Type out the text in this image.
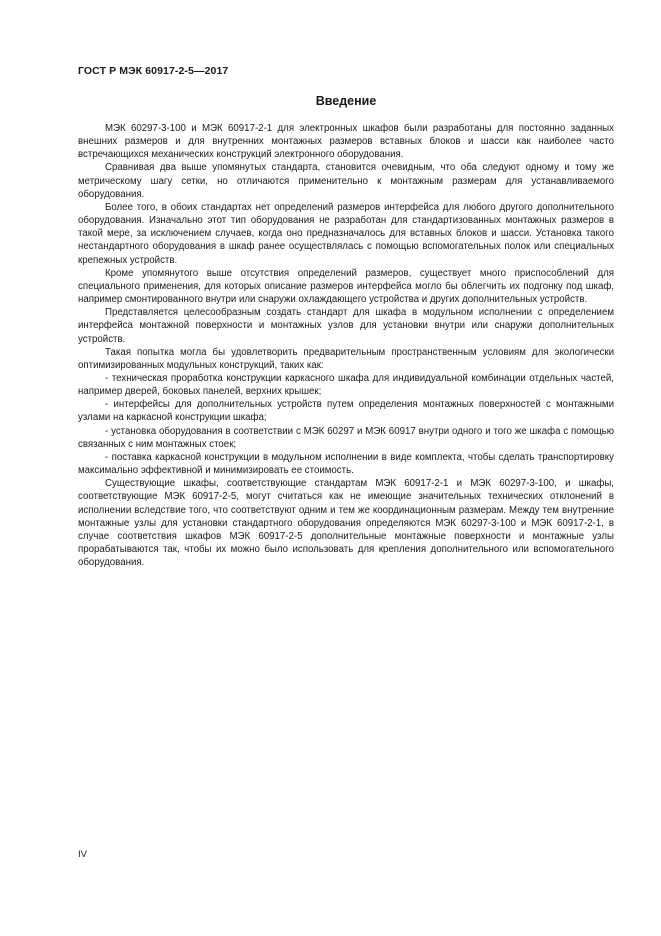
ГОСТ Р МЭК 60917-2-5—2017
Введение

МЭК 60297-3-100 и МЭК 60917-2-1 для электронных шкафов были разработаны для постоянно заданных внешних размеров и для внутренних монтажных размеров вставных блоков и шасси как наиболее часто встречающихся механических конструкций электронного оборудования.

Сравнивая два выше упомянутых стандарта, становится очевидным, что оба следуют одному и тому же метрическому шагу сетки, но отличаются применительно к монтажным размерам для устанавливаемого оборудования.

Более того, в обоих стандартах нет определений размеров интерфейса для любого другого дополнительного оборудования. Изначально этот тип оборудования не разработан для стандартизованных монтажных размеров в такой мере, за исключением случаев, когда оно предназначалось для вставных блоков и шасси. Установка такого нестандартного оборудования в шкаф ранее осуществлялась с помощью вспомогательных полок или специальных крепежных устройств.

Кроме упомянутого выше отсутствия определений размеров, существует много приспособлений для специального применения, для которых описание размеров интерфейса могло бы облегчить их подгонку под шкаф, например смонтированного внутри или снаружи охлаждающего устройства и других дополнительных устройств.

Представляется целесообразным создать стандарт для шкафа в модульном исполнении с определением интерфейса монтажной поверхности и монтажных узлов для установки внутри или снаружи дополнительных устройств.

Такая попытка могла бы удовлетворить предварительным пространственным условиям для экологически оптимизированных модульных конструкций, таких как:

- техническая проработка конструкции каркасного шкафа для индивидуальной комбинации отдельных частей, например дверей, боковых панелей, верхних крышек;

- интерфейсы для дополнительных устройств путем определения монтажных поверхностей с монтажными узлами на каркасной конструкции шкафа;

- установка оборудования в соответствии с МЭК 60297 и МЭК 60917 внутри одного и того же шкафа с помощью связанных с ним монтажных стоек;

- поставка каркасной конструкции в модульном исполнении в виде комплекта, чтобы сделать транспортировку максимально эффективной и минимизировать ее стоимость.

Существующие шкафы, соответствующие стандартам МЭК 60917-2-1 и МЭК 60297-3-100, и шкафы, соответствующие МЭК 60917-2-5, могут считаться как не имеющие значительных технических отклонений в исполнении вследствие того, что соответствуют одним и тем же координационным размерам. Между тем внутренние монтажные узлы для установки стандартного оборудования определяются МЭК 60297-3-100 и МЭК 60917-2-1, в случае соответствия шкафов МЭК 60917-2-5 дополнительные монтажные поверхности и монтажные узлы прорабатываются так, чтобы их можно было использовать для крепления дополнительного или вспомогательного оборудования.

IV
